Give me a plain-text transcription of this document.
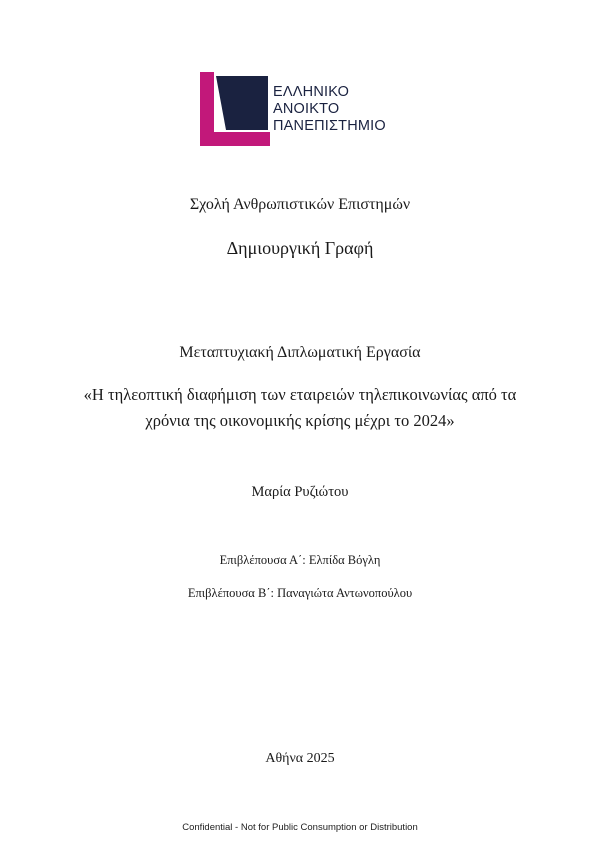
ΕΛΛΗΝΙΚΟ
ΑΝΟΙΚΤΟ
ΠΑΝΕΠΙΣΤΗΜΙΟ
Σχολή Ανθρωπιστικών Επιστημών
Δημιουργική Γραφή
Μεταπτυχιακή Διπλωματική Εργασία
«Η τηλεοπτική διαφήμιση των εταιρειών τηλεπικοινωνίας από τα
χρόνια της οικονομικής κρίσης μέχρι το 2024»
Μαρία Ρυζιώτου
Επιβλέπουσα Α΄: Ελπίδα Βόγλη
Επιβλέπουσα Β΄: Παναγιώτα Αντωνοπούλου
Αθήνα 2025
Confidential - Not for Public Consumption or Distribution
